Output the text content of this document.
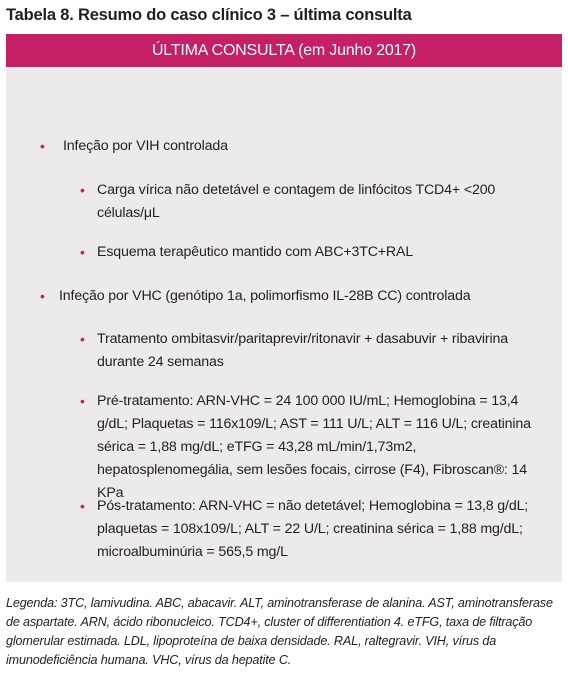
Tabela 8. Resumo do caso clínico 3 – última consulta
ÚLTIMA CONSULTA (em Junho 2017)
• Infeção por VIH controlada
• Carga vírica não detetável e contagem de linfócitos TCD4+ <200 células/μL
• Esquema terapêutico mantido com ABC+3TC+RAL
• Infeção por VHC (genótipo 1a, polimorfismo IL-28B CC) controlada
• Tratamento ombitasvir/paritaprevir/ritonavir + dasabuvir + ribavirina durante 24 semanas
• Pré-tratamento: ARN-VHC = 24 100 000 IU/mL; Hemoglobina = 13,4 g/dL; Plaquetas = 116x109/L; AST = 111 U/L; ALT = 116 U/L; creatinina sérica = 1,88 mg/dL; eTFG = 43,28 mL/min/1,73m2, hepatosplenomegália, sem lesões focais, cirrose (F4), Fibroscan®: 14 KPa
• Pós-tratamento: ARN-VHC = não detetável; Hemoglobina = 13,8 g/dL; plaquetas = 108x109/L; ALT = 22 U/L; creatinina sérica = 1,88 mg/dL; microalbuminúria = 565,5 mg/L
Legenda: 3TC, lamivudina. ABC, abacavir. ALT, aminotransferase de alanina. AST, aminotransferase de aspartate. ARN, ácido ribonucleico. TCD4+, cluster of differentiation 4. eTFG, taxa de filtração glomerular estimada. LDL, lipoproteína de baixa densidade. RAL, raltegravir. VIH, vírus da imunodeficiência humana. VHC, vírus da hepatite C.
